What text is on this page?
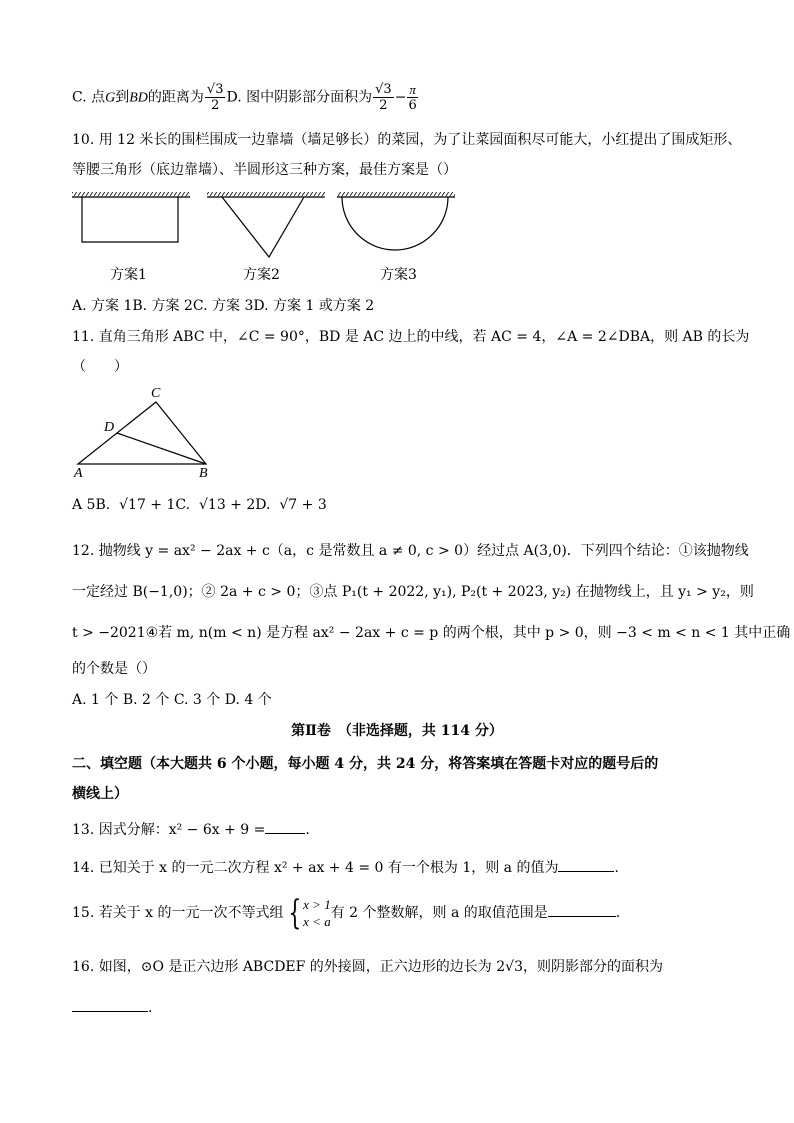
C. 点G到BD的距离为 $\frac{√3}{2} D$. 图中阴影部分面积为 $\frac{√3}{2} - \frac{\pi}{6}$
10. 用 12 米长的围栏围成一边靠墙（墙足够长）的菜园，为了让菜园面积尽可能大，小红提出了围成矩形、
等腰三角形（底边靠墙）、半圆形这三种方案，最佳方案是（）
方案1	方案2	方案3
A. 方案 1B. 方案 2C. 方案 3D. 方案 1 或方案 2
11. 直角三角形 ABC 中，∠C = 90°，BD 是 AC 边上的中线，若 AC = 4，∠A = 2∠DBA，则 AB 的长为
（　　）
C
D
A	B
A 5B. √17 + 1C. √13 + 2D. √7 + 3
12. 抛物线 y = ax² − 2ax + c（a，c 是常数且 a ≠ 0, c > 0）经过点 A(3,0)．下列四个结论：①该抛物线
一定经过 B(−1,0)；② 2a + c > 0；③点 P₁(t + 2022, y₁), P₂(t + 2023, y₂) 在抛物线上，且 y₁ > y₂，则
t > −2021④若 m, n(m < n) 是方程 ax² − 2ax + c = p 的两个根，其中 p > 0，则 −3 < m < n < 1 其中正确
的个数是（）
A. 1 个 B. 2 个 C. 3 个 D. 4 个
第Ⅱ卷　（非选择题，共 114 分）
二、填空题（本大题共 6 个小题，每小题 4 分，共 24 分，将答案填在答题卡对应的题号后的
横线上）
13. 因式分解：x² − 6x + 9 =	.
14. 已知关于 x 的一元二次方程 x² + ax + 4 = 0 有一个根为 1，则 a 的值为	.
15. 若关于 x 的一元一次不等式组 { x > 1
x < a
有 2 个整数解，则 a 的取值范围是	.
16. 如图，⊙O 是正六边形 ABCDEF 的外接圆，正六边形的边长为 2√3，则阴影部分的面积为
.
